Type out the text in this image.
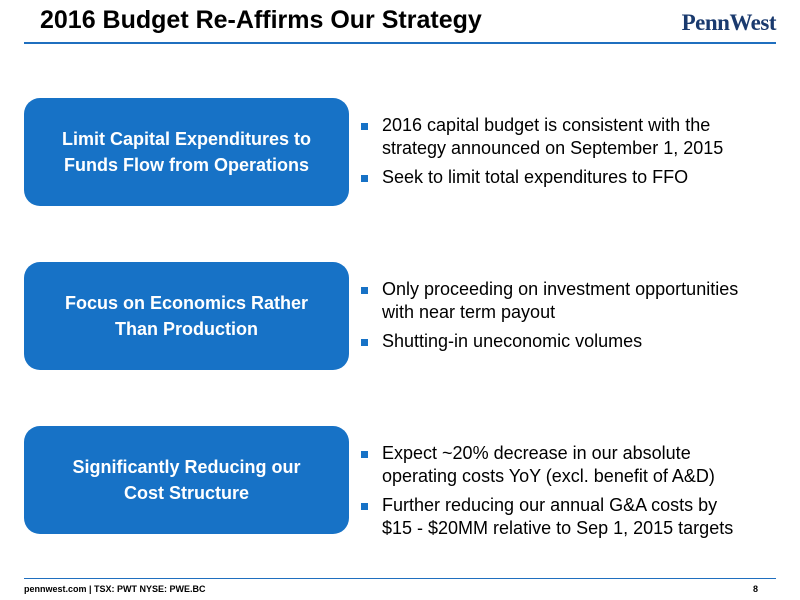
2016 Budget Re-Affirms Our Strategy	PennWest
Limit Capital Expenditures to
Funds Flow from Operations
2016 capital budget is consistent with the
strategy announced on September 1, 2015
Seek to limit total expenditures to FFO
Focus on Economics Rather
Than Production
Only proceeding on investment opportunities
with near term payout
Shutting-in uneconomic volumes
Significantly Reducing our
Cost Structure
Expect ~20% decrease in our absolute
operating costs YoY (excl. benefit of A&D)
Further reducing our annual G&A costs by
$15 - $20MM relative to Sep 1, 2015 targets
pennwest.com | TSX: PWT NYSE: PWE.BC	8
